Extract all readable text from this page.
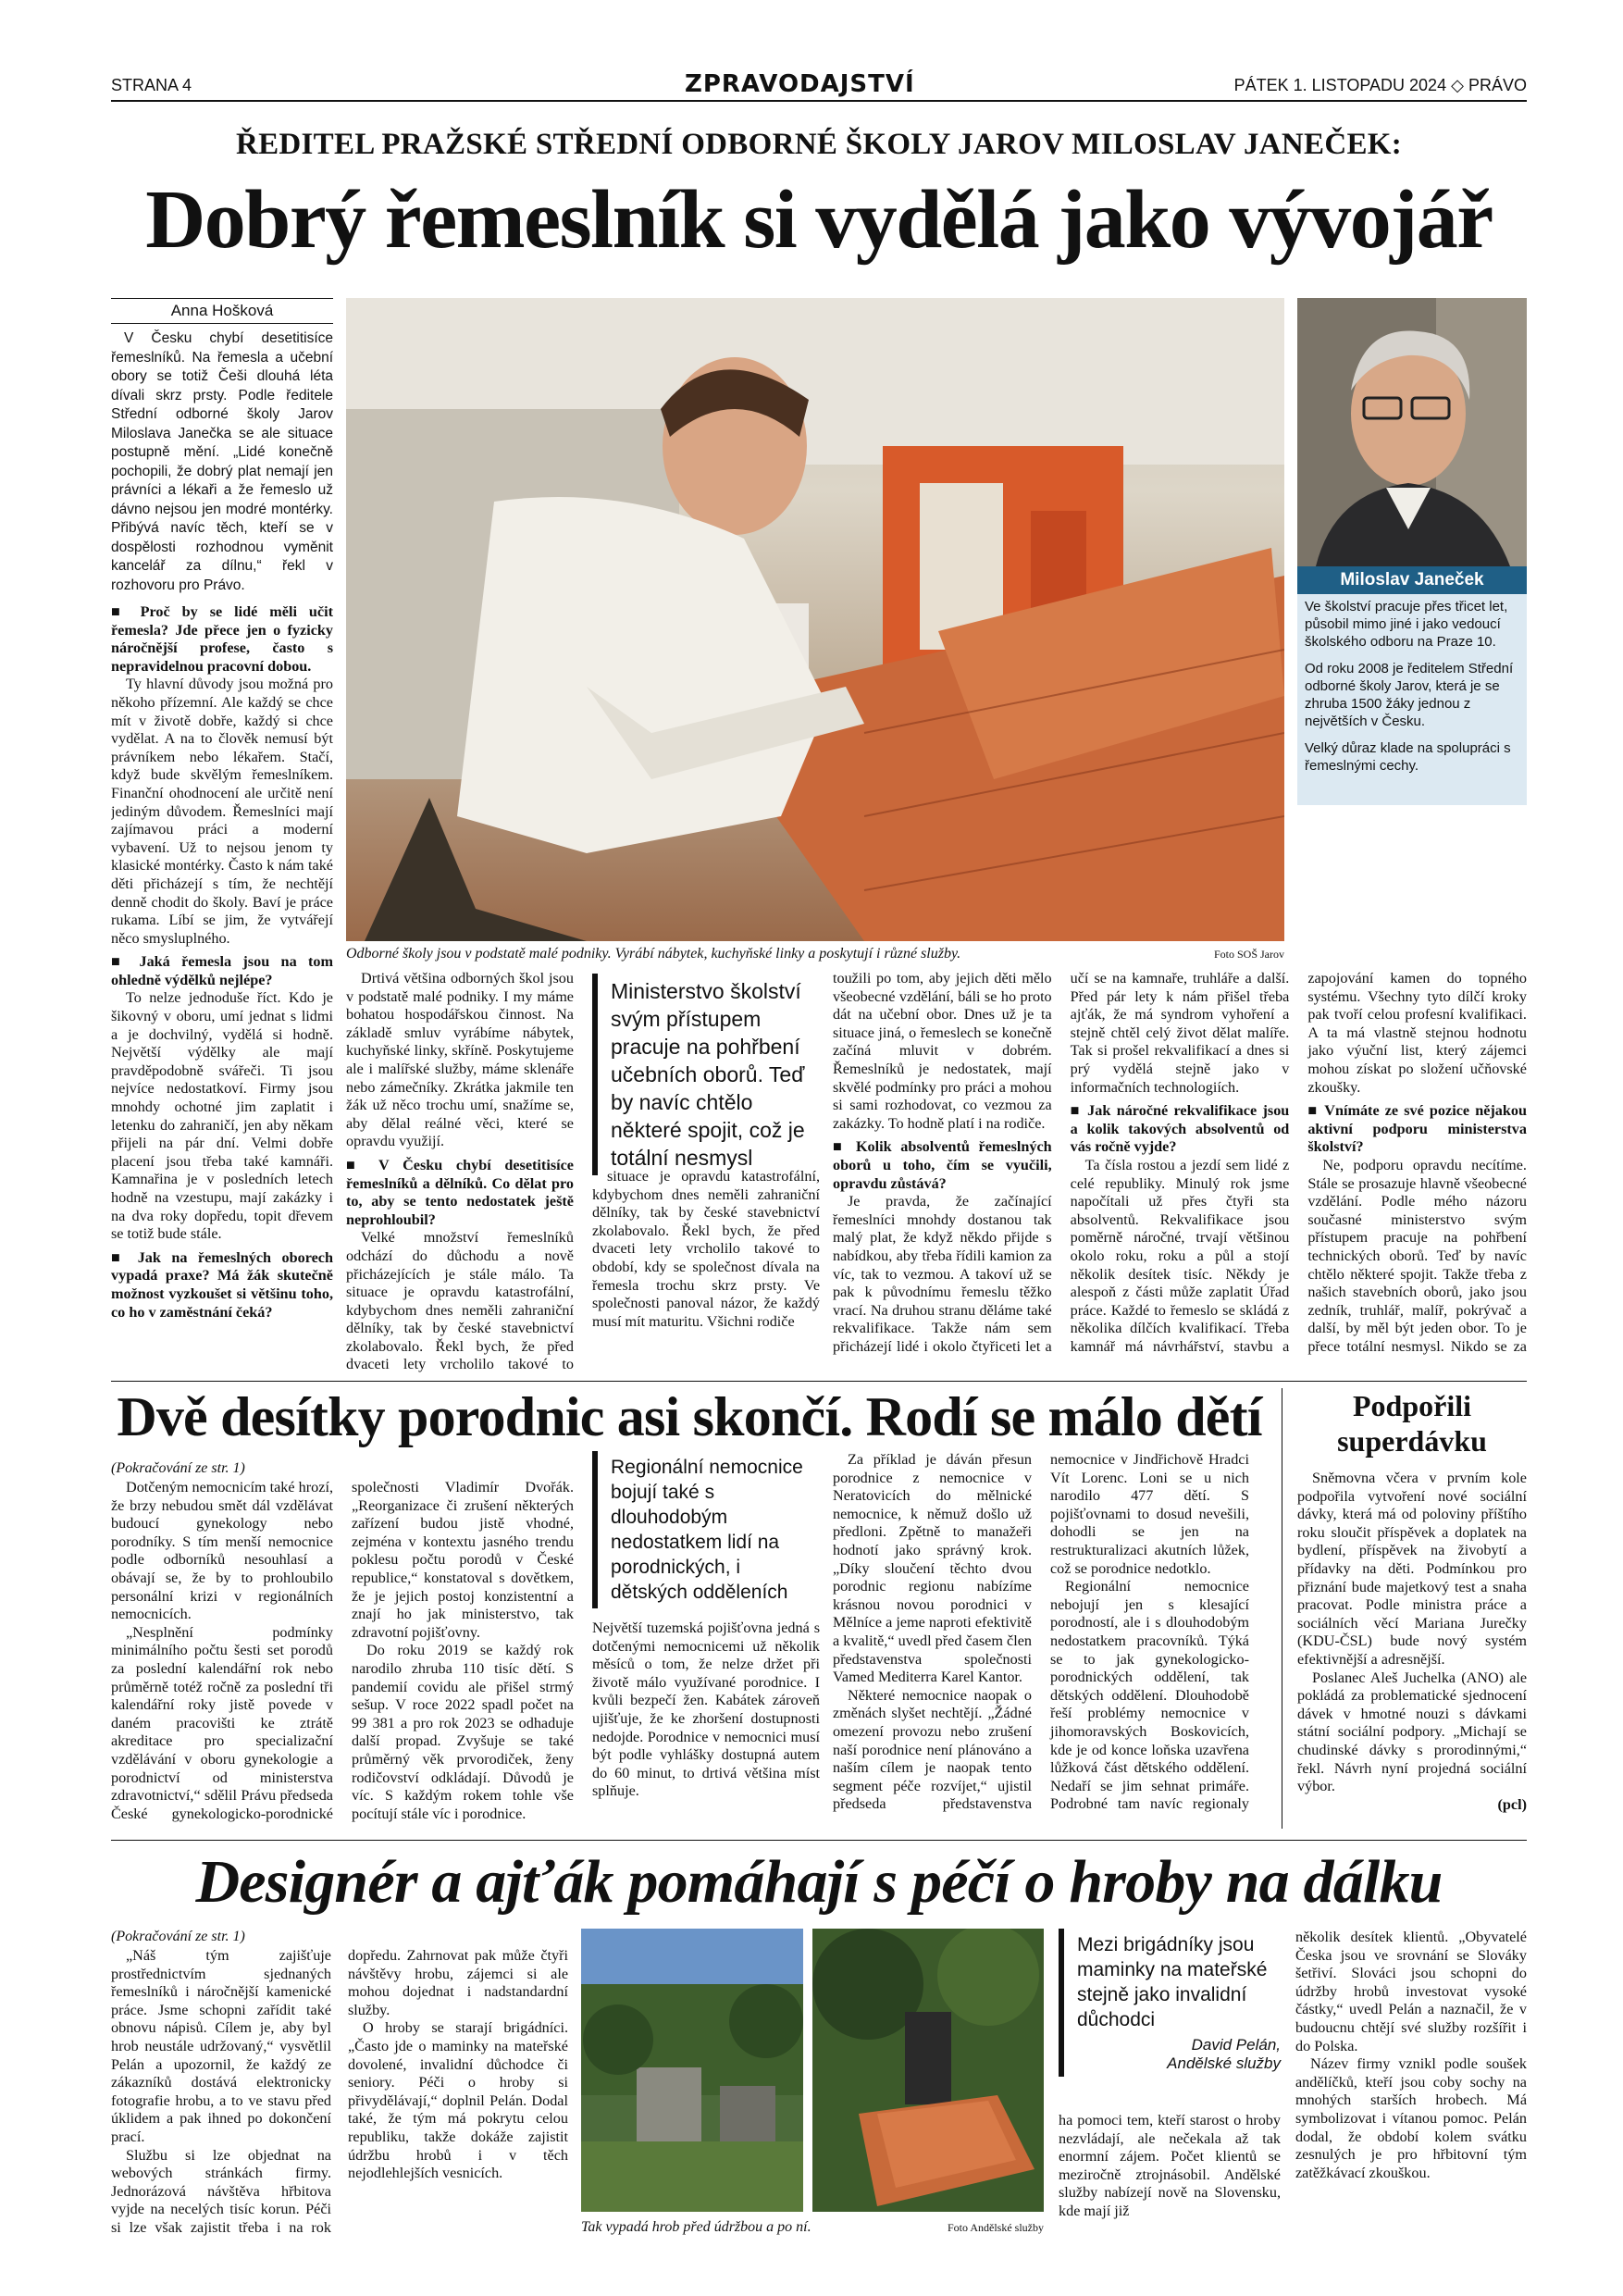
STRANA 4	ZPRAVODAJSTVÍ	PÁTEK 1. LISTOPADU 2024 ◇ PRÁVO
ŘEDITEL PRAŽSKÉ STŘEDNÍ ODBORNÉ ŠKOLY JAROV MILOSLAV JANEČEK:
Dobrý řemeslník si vydělá jako vývojář
Anna Hošková
V Česku chybí desetitisíce řemeslníků. Na řemesla a učební obory se totiž Češi dlouhá léta dívali skrz prsty. Podle ředitele Střední odborné školy Jarov Miloslava Janečka se ale situace postupně mění. „Lidé konečně pochopili, že dobrý plat nemají jen právníci a lékaři a že řemeslo už dávno nejsou jen modré montérky. Přibývá navíc těch, kteří se v dospělosti rozhodnou vyměnit kancelář za dílnu,“ řekl v rozhovoru pro Právo.
Odborné školy jsou v podstatě malé podniky. Vyrábí nábytek, kuchyňské linky a poskytují i různé služby.	Foto SOŠ Jarov
Miloslav Janeček
Ve školství pracuje přes třicet let, působil mimo jiné i jako vedoucí školského odboru na Praze 10.
Od roku 2008 je ředitelem Střední odborné školy Jarov, která je se zhruba 1500 žáky jednou z největších v Česku.
Velký důraz klade na spolupráci s řemeslnými cechy.

■ Proč by se lidé měli učit řemesla? Jde přece jen o fyzicky náročnější profese, často s nepravidelnou pracovní dobou.

Ty hlavní důvody jsou možná pro někoho přízemní. Ale každý se chce mít v životě dobře, každý si chce vydělat. A na to člověk nemusí být právníkem nebo lékařem. Stačí, když bude skvělým řemeslníkem. Finanční ohodnocení ale určitě není jediným důvodem. Řemeslníci mají zajímavou práci a moderní vybavení. Už to nejsou jenom ty klasické montérky. Často k nám také děti přicházejí s tím, že nechtějí denně chodit do školy. Baví je práce rukama. Líbí se jim, že vytvářejí něco smysluplného.

■ Jaká řemesla jsou na tom ohledně výdělků nejlépe?

To nelze jednoduše říct. Kdo je šikovný v oboru, umí jednat s lidmi a je dochvilný, vydělá si hodně. Největší výdělky ale mají pravděpodobně svářeči. Ti jsou nejvíce nedostatkoví. Firmy jsou mnohdy ochotné jim zaplatit i letenku do zahraničí, jen aby někam přijeli na pár dní. Velmi dobře placení jsou třeba také kamnáři. Kamnařina je v posledních letech hodně na vzestupu, mají zakázky i na dva roky dopředu, topit dřevem se totiž bude stále.

■ Jak na řemeslných oborech vypadá praxe? Má žák skutečně možnost vyzkoušet si většinu toho, co ho v zaměstnání čeká?

Drtivá většina odborných škol jsou v podstatě malé podniky. I my máme bohatou hospodářskou činnost. Na základě smluv vyrábíme nábytek, kuchyňské linky, skříně. Poskytujeme ale i malířské služby, máme sklenáře nebo zámečníky. Zkrátka jakmile ten žák už něco trochu umí, snažíme se, aby dělal reálné věci, které se opravdu využijí.

■ V Česku chybí desetitisíce řemeslníků a dělníků. Co dělat pro to, aby se tento nedostatek ještě neprohloubil?

Velké množství řemeslníků odchází do důchodu a nově přicházejících je stále málo. Ta situace je opravdu katastrofální, kdybychom dnes neměli zahraniční dělníky, tak by české stavebnictví zkolabovalo. Řekl bych, že před dvaceti lety vrcholilo takové to

Ministerstvo školství svým přístupem pracuje na pohřbení učebních oborů. Teď by navíc chtělo některé spojit, což je totální nesmysl

situace je opravdu katastrofální, kdybychom dnes neměli zahraniční dělníky, tak by české stavebnictví zkolabovalo. Řekl bych, že před dvaceti lety vrcholilo takové to období, kdy se společnost dívala na řemesla trochu skrz prsty. Ve společnosti panoval názor, že každý musí mít maturitu. Všichni rodiče

toužili po tom, aby jejich děti mělo všeobecné vzdělání, báli se ho proto dát na učební obor. Dnes už je ta situace jiná, o řemeslech se konečně začíná mluvit v dobrém. Řemeslníků je nedostatek, mají skvělé podmínky pro práci a mohou si sami rozhodovat, co vezmou za zakázky. To hodně platí i na rodiče.

■ Kolik absolventů řemeslných oborů u toho, čím se vyučili, opravdu zůstává?

Je pravda, že začínající řemeslníci mnohdy dostanou tak malý plat, že když někdo přijde s nabídkou, aby třeba řídili kamion za víc, tak to vezmou. A takoví už se pak k původnímu řemeslu těžko vrací. Na druhou stranu děláme také rekvalifikace. Takže nám sem přicházejí lidé i okolo čtyřiceti let a učí se na kamnaře, truhláře a další. Před pár lety k nám přišel třeba ajťák, že má syndrom vyhoření a stejně chtěl celý život dělat malíře. Tak si prošel rekvalifikací a dnes si prý vydělá stejně jako v informačních technologiích.

■ Jak náročné rekvalifikace jsou a kolik takových absolventů od vás ročně vyjde?

Ta čísla rostou a jezdí sem lidé z celé republiky. Minulý rok jsme napočítali už přes čtyři sta absolventů. Rekvalifikace jsou poměrně náročné, trvají většinou okolo roku, roku a půl a stojí několik desítek tisíc. Někdy je alespoň z části může zaplatit Úřad práce. Každé to řemeslo se skládá z několika dílčích kvalifikací. Třeba kamnář má návrhářství, stavbu a zapojování kamen do topného systému. Všechny tyto dílčí kroky pak tvoří celou profesní kvalifikaci. A ta má vlastně stejnou hodnotu jako výuční list, který zájemci mohou získat po složení učňovské zkoušky.

■ Vnímáte ze své pozice nějakou aktivní podporu ministerstva školství?

Ne, podporu opravdu necítíme. Stále se prosazuje hlavně všeobecné vzdělání. Podle mého názoru současné ministerstvo svým přístupem pracuje na pohřbení technických oborů. Teď by navíc chtělo některé spojit. Takže třeba z našich stavebních oborů, jako jsou zedník, truhlář, malíř, pokrývač a další, by měl být jeden obor. To je přece totální nesmysl. Nikdo se za

Dvě desítky porodnic asi skončí. Rodí se málo dětí
(Pokračování ze str. 1)

Dotčeným nemocnicím také hrozí, že brzy nebudou smět dál vzdělávat budoucí gynekology nebo porodníky. S tím menší nemocnice podle odborníků nesouhlasí a obávají se, že by to prohloubilo personální krizi v regionálních nemocnicích.

„Nesplnění podmínky minimálního počtu šesti set porodů za poslední kalendářní rok nebo průměrně totéž ročně za poslední tři kalendářní roky jistě povede v daném pracovišti ke ztrátě akreditace pro specializační vzdělávání v oboru gynekologie a porodnictví od ministerstva zdravotnictví,“ sdělil Právu předseda České gynekologicko-porodnické společnosti Vladimír Dvořák. „Reorganizace či zrušení některých zařízení budou jistě vhodné, zejména v kontextu jasného trendu poklesu počtu porodů v České republice,“ konstatoval s dovětkem, že je jejich postoj konzistentní a znají ho jak ministerstvo, tak zdravotní pojišťovny.

Do roku 2019 se každý rok narodilo zhruba 110 tisíc dětí. S pandemií covidu ale přišel strmý sešup. V roce 2022 spadl počet na 99 381 a pro rok 2023 se odhaduje další propad. Zvyšuje se také průměrný věk prvorodiček, ženy rodičovství odkládají. Důvodů je víc. S každým rokem tohle vše pocítují stále víc i porodnice.

Regionální nemocnice bojují také s dlouhodobým nedostatkem lidí na porodnických, i dětských odděleních

Největší tuzemská pojišťovna jedná s dotčenými nemocnicemi už několik měsíců o tom, že nelze držet při životě málo využívané porodnice. I kvůli bezpečí žen. Kabátek zároveň ujišťuje, že ke zhoršení dostupnosti nedojde. Porodnice v nemocnici musí být podle vyhlášky dostupná autem do 60 minut, to drtivá většina míst splňuje.

Za příklad je dáván přesun porodnice z nemocnice v Neratovicích do mělnické nemocnice, k němuž došlo už předloni. Zpětně to manažeři hodnotí jako správný krok. „Díky sloučení těchto dvou porodnic regionu nabízíme krásnou novou porodnici v Mělníce a jeme naproti efektivitě a kvalitě,“ uvedl před časem člen představenstva společnosti Vamed Mediterra Karel Kantor.

Některé nemocnice naopak o změnách slyšet nechtějí. „Žádné omezení provozu nebo zrušení naší porodnice není plánováno a naším cílem je naopak tento segment péče rozvíjet,“ ujistil předseda představenstva nemocnice v Jindřichově Hradci Vít Lorenc. Loni se u nich narodilo 477 dětí. S pojišťovnami to dosud nevešili, dohodli se jen na restrukturalizaci akutních lůžek, což se porodnice nedotklo.

Regionální nemocnice nebojují jen s klesající porodností, ale i s dlouhodobým nedostatkem pracovníků. Týká se to jak gynekologicko-porodnických oddělení, tak dětských oddělení. Dlouhodobě řeší problémy nemocnice v jihomoravských Boskovicích, kde je od konce loňska uzavřena lůžková část dětského oddělení. Nedaří se jim sehnat primáře. Podrobné tam navíc regionaly

Podpořili superdávku

Sněmovna včera v prvním kole podpořila vytvoření nové sociální dávky, která má od poloviny příštího roku sloučit příspěvek a doplatek na bydlení, příspěvek na živobytí a přídavky na děti. Podmínkou pro přiznání bude majetkový test a snaha pracovat. Podle ministra práce a sociálních věcí Mariana Jurečky (KDU-ČSL) bude nový systém efektivnější a adresnější.

Poslanec Aleš Juchelka (ANO) ale pokládá za problematické sjednocení dávek v hmotné nouzi s dávkami státní sociální podpory. „Michají se chudinské dávky s prorodinnými,“ řekl. Návrh nyní projedná sociální výbor.

(pcl)

Designér a ajťák pomáhají s péčí o hroby na dálku
(Pokračování ze str. 1)

„Náš tým zajišťuje prostřednictvím sjednaných řemeslníků i náročnější kamenické práce. Jsme schopni zařídit také obnovu nápisů. Cílem je, aby byl hrob neustále udržovaný,“ vysvětlil Pelán a upozornil, že každý ze zákazníků dostává elektronicky fotografie hrobu, a to ve stavu před úklidem a pak ihned po dokončení prací.

Službu si lze objednat na webových stránkách firmy. Jednorázová návštěva hřbitova vyjde na necelých tisíc korun. Péči si lze však zajistit třeba i na rok dopředu. Zahrnovat pak může čtyři návštěvy hrobu, zájemci si ale mohou dojednat i nadstandardní služby.

O hroby se starají brigádníci. „Často jde o maminky na mateřské dovolené, invalidní důchodce či seniory. Péči o hroby si přivydělávají,“ doplnil Pelán. Dodal také, že tým má pokrytu celou republiku, takže dokáže zajistit údržbu hrobů i v těch nejodlehlejších vesnicích.

Tak vypadá hrob před údržbou a po ní.	Foto Andělské služby
Mezi brigádníky jsou maminky na mateřské stejně jako invalidní důchodci
David Pelán,
Andělské služby

ha pomoci tem, kteří starost o hroby nezvládají, ale nečekala až tak enormní zájem. Počet klientů se meziročně ztrojnásobil. Andělské služby nabízejí nově na Slovensku, kde mají již

několik desítek klientů. „Obyvatelé Česka jsou ve srovnání se Slováky šetřiví. Slováci jsou schopni do údržby hrobů investovat vysoké částky,“ uvedl Pelán a naznačil, že v budoucnu chtějí své služby rozšířit i do Polska.

Název firmy vznikl podle soušek andělíčků, kteří jsou coby sochy na mnohých starších hrobech. Má symbolizovat i vítanou pomoc. Pelán dodal, že období kolem svátku zesnulých je pro hřbitovní tým zatěžkávací zkouškou.
